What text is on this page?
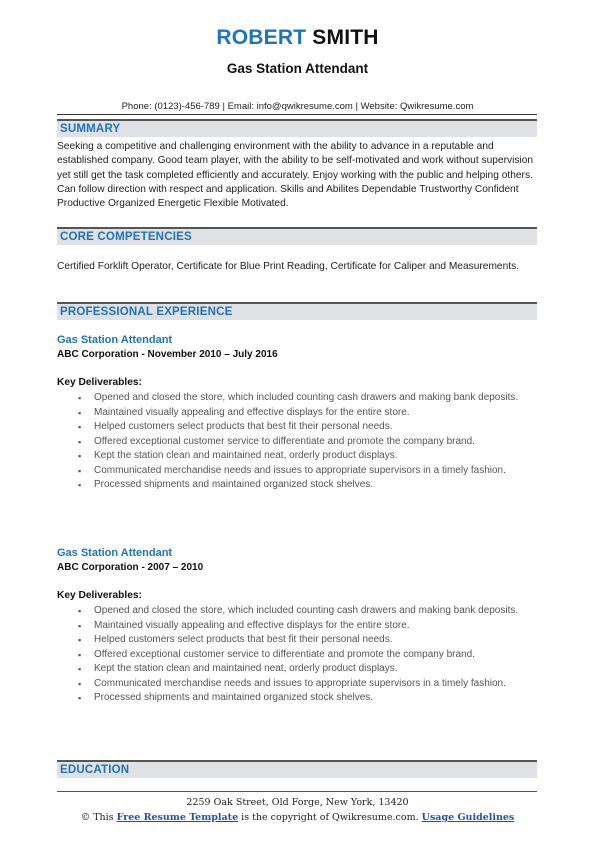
ROBERT SMITH
Gas Station Attendant
Phone: (0123)-456-789 | Email: info@qwikresume.com | Website: Qwikresume.com
SUMMARY
Seeking a competitive and challenging environment with the ability to advance in a reputable and established company. Good team player, with the ability to be self-motivated and work without supervision yet still get the task completed efficiently and accurately. Enjoy working with the public and helping others. Can follow direction with respect and application. Skills and Abilites Dependable Trustworthy Confident Productive Organized Energetic Flexible Motivated.
CORE COMPETENCIES
Certified Forklift Operator, Certificate for Blue Print Reading, Certificate for Caliper and Measurements.
PROFESSIONAL EXPERIENCE
Gas Station Attendant
ABC Corporation - November 2010 – July 2016
Key Deliverables:
▪ Opened and closed the store, which included counting cash drawers and making bank deposits.
▪ Maintained visually appealing and effective displays for the entire store.
▪ Helped customers select products that best fit their personal needs.
▪ Offered exceptional customer service to differentiate and promote the company brand.
▪ Kept the station clean and maintained neat, orderly product displays.
▪ Communicated merchandise needs and issues to appropriate supervisors in a timely fashion.
▪ Processed shipments and maintained organized stock shelves.
Gas Station Attendant
ABC Corporation - 2007 – 2010
Key Deliverables:
▪ Opened and closed the store, which included counting cash drawers and making bank deposits.
▪ Maintained visually appealing and effective displays for the entire store.
▪ Helped customers select products that best fit their personal needs.
▪ Offered exceptional customer service to differentiate and promote the company brand.
▪ Kept the station clean and maintained neat, orderly product displays.
▪ Communicated merchandise needs and issues to appropriate supervisors in a timely fashion.
▪ Processed shipments and maintained organized stock shelves.
EDUCATION
2259 Oak Street, Old Forge, New York, 13420
© This Free Resume Template is the copyright of Qwikresume.com. Usage Guidelines
